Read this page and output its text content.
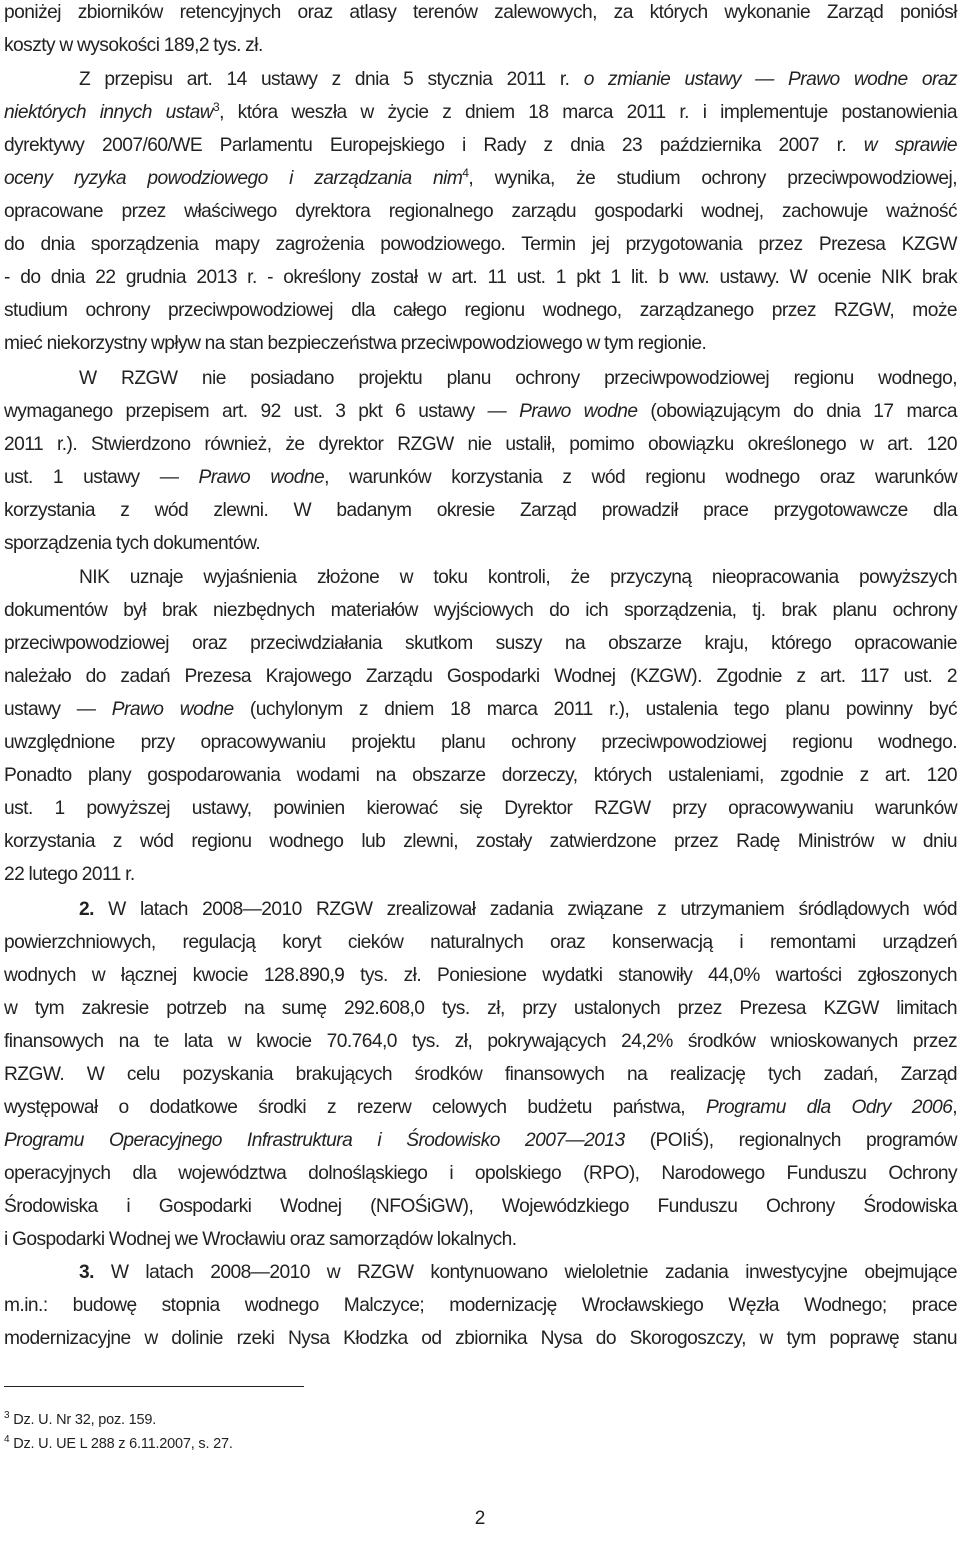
poniżej zbiorników retencyjnych oraz atlasy terenów zalewowych, za których wykonanie Zarząd poniósł
koszty w wysokości 189,2 tys. zł.
Z przepisu art. 14 ustawy z dnia 5 stycznia 2011 r. o zmianie ustawy ― Prawo wodne oraz
niektórych innych ustaw$^3$, która weszła w życie z dniem 18 marca 2011 r. i implementuje postanowienia
dyrektywy 2007/60/WE Parlamentu Europejskiego i Rady z dnia 23 października 2007 r. w sprawie
oceny ryzyka powodziowego i zarządzania nim$^4$, wynika, że studium ochrony przeciwpowodziowej,
opracowane przez właściwego dyrektora regionalnego zarządu gospodarki wodnej, zachowuje ważność
do dnia sporządzenia mapy zagrożenia powodziowego. Termin jej przygotowania przez Prezesa KZGW
- do dnia 22 grudnia 2013 r. - określony został w art. 11 ust. 1 pkt 1 lit. b ww. ustawy. W ocenie NIK brak
studium ochrony przeciwpowodziowej dla całego regionu wodnego, zarządzanego przez RZGW, może
mieć niekorzystny wpływ na stan bezpieczeństwa przeciwpowodziowego w tym regionie.
W RZGW nie posiadano projektu planu ochrony przeciwpowodziowej regionu wodnego,
wymaganego przepisem art. 92 ust. 3 pkt 6 ustawy ― Prawo wodne (obowiązującym do dnia 17 marca
2011 r.). Stwierdzono również, że dyrektor RZGW nie ustalił, pomimo obowiązku określonego w art. 120
ust. 1 ustawy ― Prawo wodne, warunków korzystania z wód regionu wodnego oraz warunków
korzystania z wód zlewni. W badanym okresie Zarząd prowadził prace przygotowawcze dla
sporządzenia tych dokumentów.
NIK uznaje wyjaśnienia złożone w toku kontroli, że przyczyną nieopracowania powyższych
dokumentów był brak niezbędnych materiałów wyjściowych do ich sporządzenia, tj. brak planu ochrony
przeciwpowodziowej oraz przeciwdziałania skutkom suszy na obszarze kraju, którego opracowanie
należało do zadań Prezesa Krajowego Zarządu Gospodarki Wodnej (KZGW). Zgodnie z art. 117 ust. 2
ustawy ― Prawo wodne (uchylonym z dniem 18 marca 2011 r.), ustalenia tego planu powinny być
uwzględnione przy opracowywaniu projektu planu ochrony przeciwpowodziowej regionu wodnego.
Ponadto plany gospodarowania wodami na obszarze dorzeczy, których ustaleniami, zgodnie z art. 120
ust. 1 powyższej ustawy, powinien kierować się Dyrektor RZGW przy opracowywaniu warunków
korzystania z wód regionu wodnego lub zlewni, zostały zatwierdzone przez Radę Ministrów w dniu
22 lutego 2011 r.
2. W latach 2008―2010 RZGW zrealizował zadania związane z utrzymaniem śródlądowych wód
powierzchniowych, regulacją koryt cieków naturalnych oraz konserwacją i remontami urządzeń
wodnych w łącznej kwocie 128.890,9 tys. zł. Poniesione wydatki stanowiły 44,0% wartości zgłoszonych
w tym zakresie potrzeb na sumę 292.608,0 tys. zł, przy ustalonych przez Prezesa KZGW limitach
finansowych na te lata w kwocie 70.764,0 tys. zł, pokrywających 24,2% środków wnioskowanych przez
RZGW. W celu pozyskania brakujących środków finansowych na realizację tych zadań, Zarząd
występował o dodatkowe środki z rezerw celowych budżetu państwa, Programu dla Odry 2006,
Programu Operacyjnego Infrastruktura i Środowisko 2007―2013 (POIiŚ), regionalnych programów
operacyjnych dla województwa dolnośląskiego i opolskiego (RPO), Narodowego Funduszu Ochrony
Środowiska i Gospodarki Wodnej (NFOŚiGW), Wojewódzkiego Funduszu Ochrony Środowiska
i Gospodarki Wodnej we Wrocławiu oraz samorządów lokalnych.
3. W latach 2008―2010 w RZGW kontynuowano wieloletnie zadania inwestycyjne obejmujące
m.in.: budowę stopnia wodnego Malczyce; modernizację Wrocławskiego Węzła Wodnego; prace
modernizacyjne w dolinie rzeki Nysa Kłodzka od zbiornika Nysa do Skorogoszczy, w tym poprawę stanu
$^3$ Dz. U. Nr 32, poz. 159.
$^4$ Dz. U. UE L 288 z 6.11.2007, s. 27.
2
